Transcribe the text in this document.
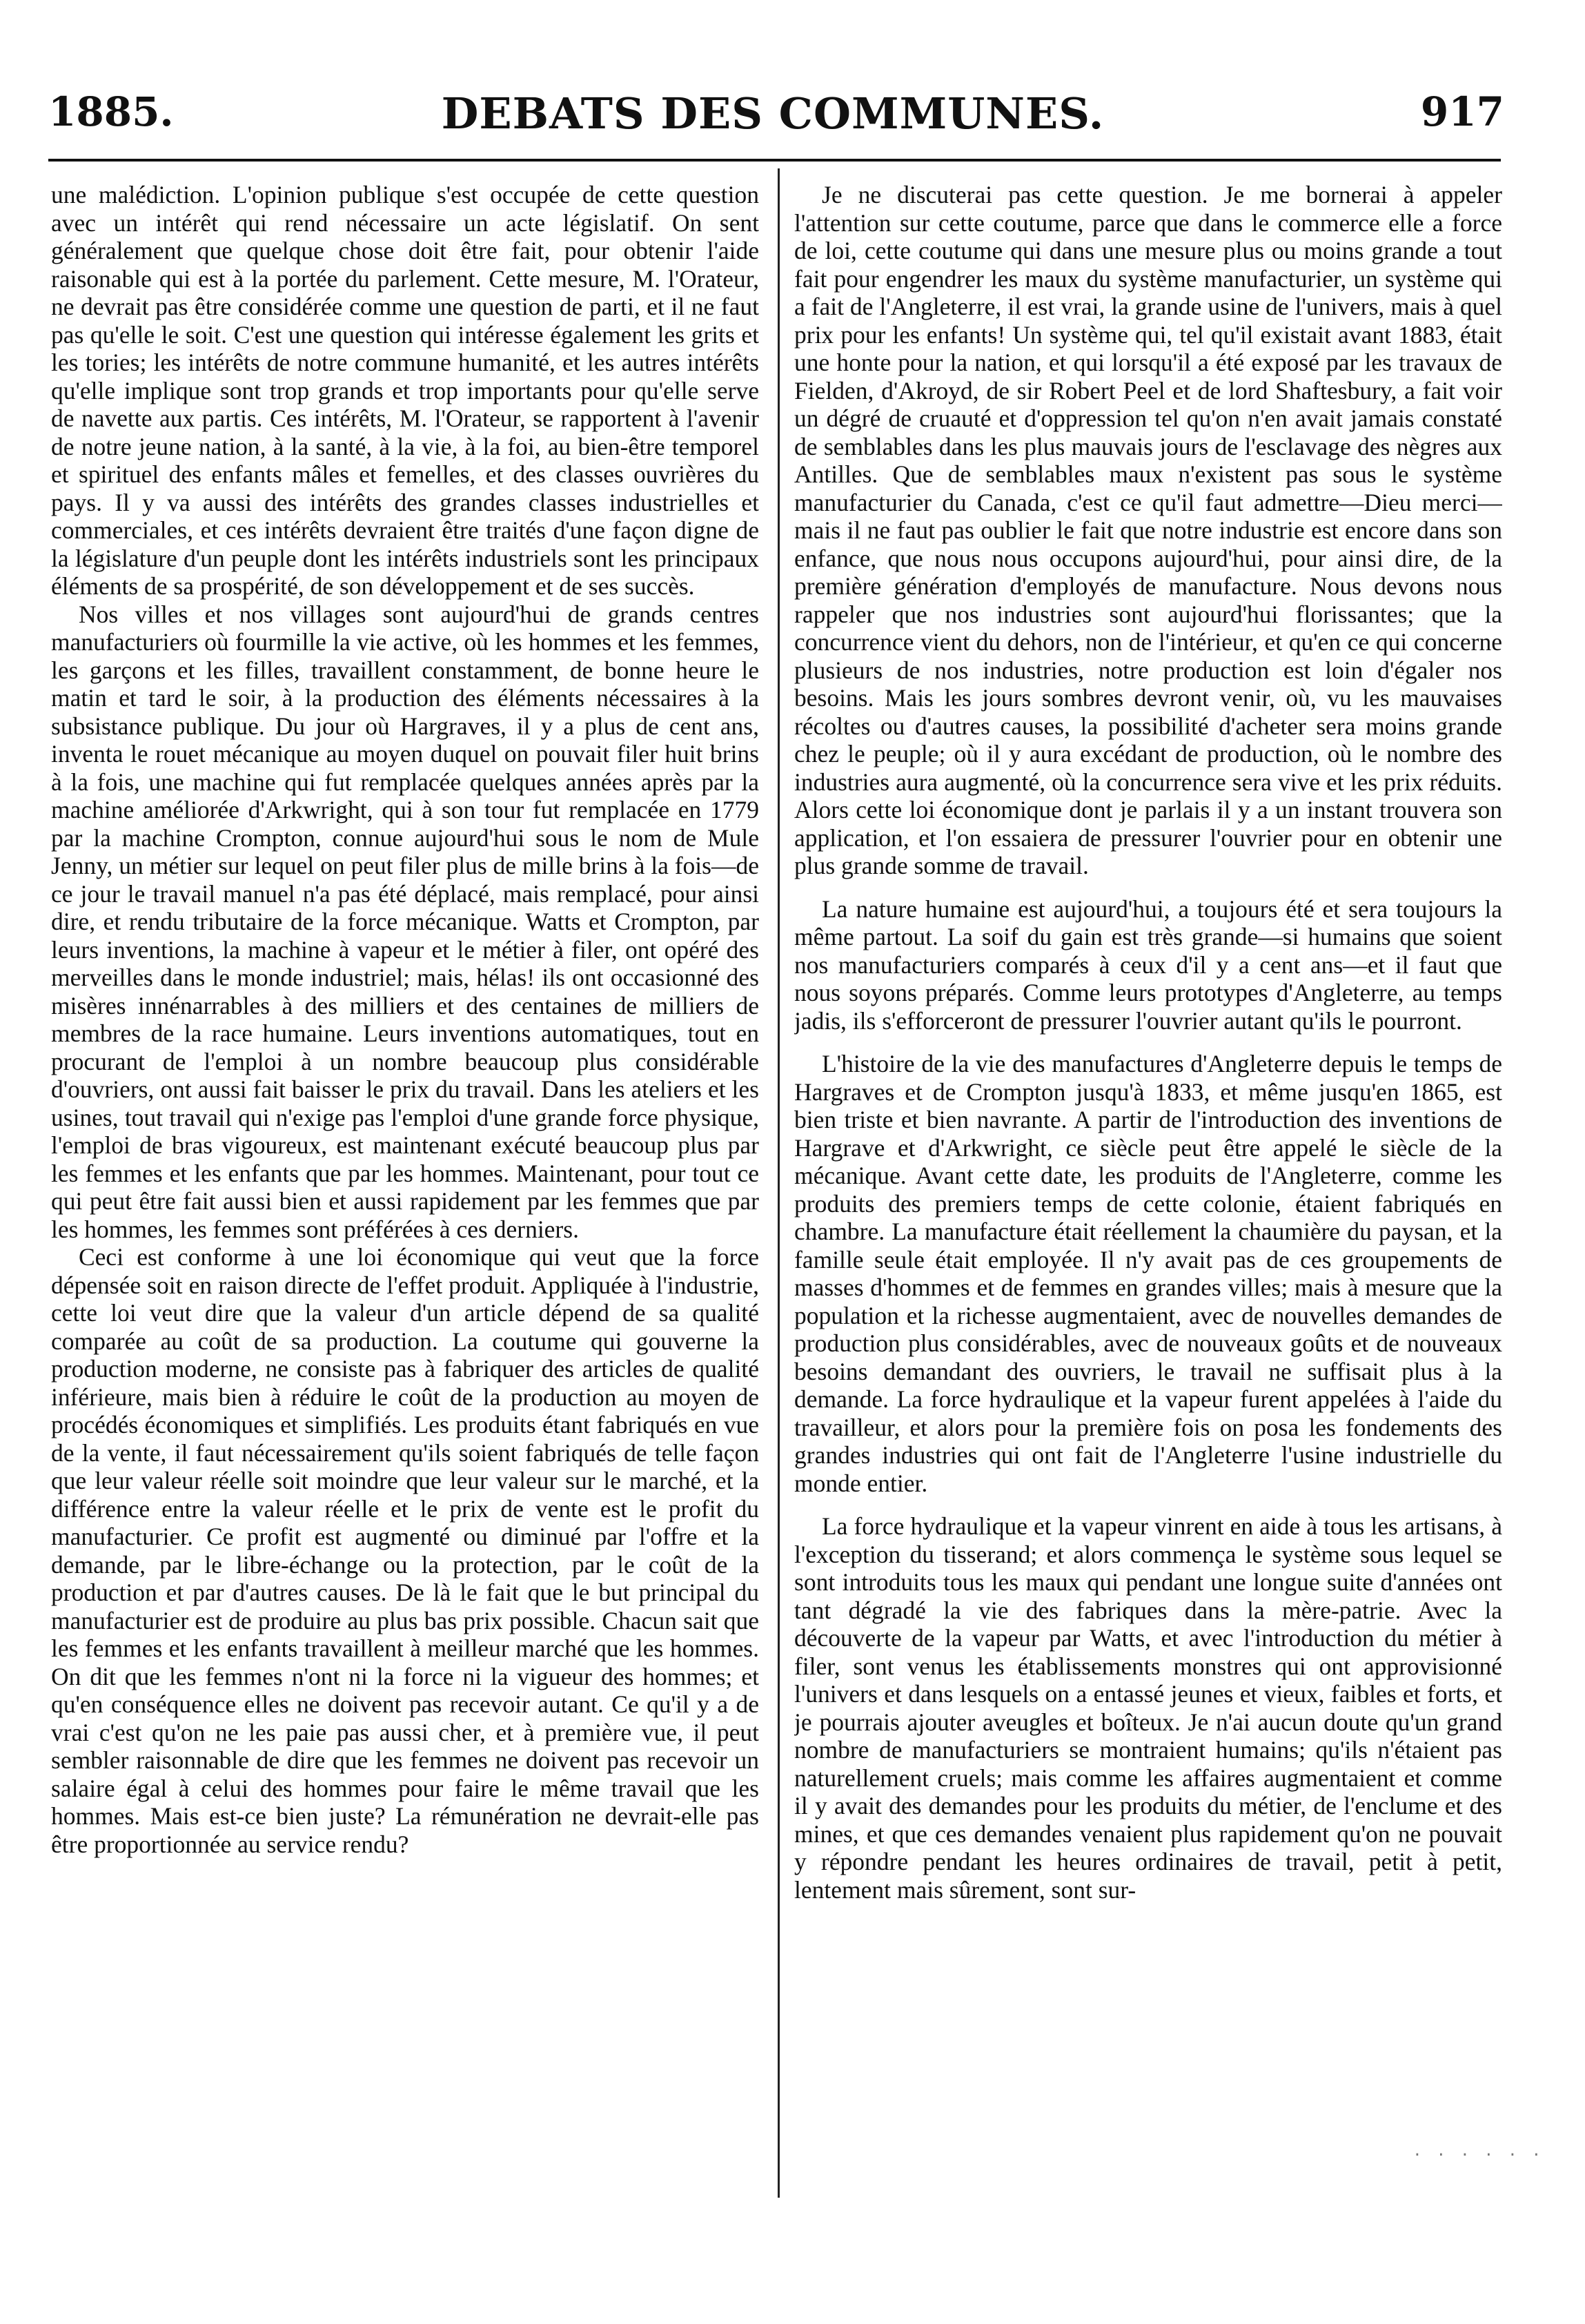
1885.	DEBATS DES COMMUNES.	917

une malédiction. L'opinion publique s'est occupée de cette question avec un intérêt qui rend nécessaire un acte législatif. On sent généralement que quelque chose doit être fait, pour obtenir l'aide raisonable qui est à la portée du parlement. Cette mesure, M. l'Orateur, ne devrait pas être considérée comme une question de parti, et il ne faut pas qu'elle le soit. C'est une question qui intéresse également les grits et les tories; les intérêts de notre commune humanité, et les autres intérêts qu'elle implique sont trop grands et trop importants pour qu'elle serve de navette aux partis. Ces intérêts, M. l'Orateur, se rapportent à l'avenir de notre jeune nation, à la santé, à la vie, à la foi, au bien-être temporel et spirituel des enfants mâles et femelles, et des classes ouvrières du pays. Il y va aussi des intérêts des grandes classes industrielles et commerciales, et ces intérêts devraient être traités d'une façon digne de la législature d'un peuple dont les intérêts industriels sont les principaux éléments de sa prospérité, de son développement et de ses succès.

Nos villes et nos villages sont aujourd'hui de grands centres manufacturiers où fourmille la vie active, où les hommes et les femmes, les garçons et les filles, travaillent constamment, de bonne heure le matin et tard le soir, à la production des éléments nécessaires à la subsistance publique. Du jour où Hargraves, il y a plus de cent ans, inventa le rouet mécanique au moyen duquel on pouvait filer huit brins à la fois, une machine qui fut remplacée quelques années après par la machine améliorée d'Arkwright, qui à son tour fut remplacée en 1779 par la machine Crompton, connue aujourd'hui sous le nom de Mule Jenny, un métier sur lequel on peut filer plus de mille brins à la fois—de ce jour le travail manuel n'a pas été déplacé, mais remplacé, pour ainsi dire, et rendu tributaire de la force mécanique. Watts et Crompton, par leurs inventions, la machine à vapeur et le métier à filer, ont opéré des merveilles dans le monde industriel; mais, hélas! ils ont occasionné des misères innénarrables à des milliers et des centaines de milliers de membres de la race humaine. Leurs inventions automatiques, tout en procurant de l'emploi à un nombre beaucoup plus considérable d'ouvriers, ont aussi fait baisser le prix du travail. Dans les ateliers et les usines, tout travail qui n'exige pas l'emploi d'une grande force physique, l'emploi de bras vigoureux, est maintenant exécuté beaucoup plus par les femmes et les enfants que par les hommes. Maintenant, pour tout ce qui peut être fait aussi bien et aussi rapidement par les femmes que par les hommes, les femmes sont préférées à ces derniers.

Ceci est conforme à une loi économique qui veut que la force dépensée soit en raison directe de l'effet produit. Appliquée à l'industrie, cette loi veut dire que la valeur d'un article dépend de sa qualité comparée au coût de sa production. La coutume qui gouverne la production moderne, ne consiste pas à fabriquer des articles de qualité inférieure, mais bien à réduire le coût de la production au moyen de procédés économiques et simplifiés. Les produits étant fabriqués en vue de la vente, il faut nécessairement qu'ils soient fabriqués de telle façon que leur valeur réelle soit moindre que leur valeur sur le marché, et la différence entre la valeur réelle et le prix de vente est le profit du manufacturier. Ce profit est augmenté ou diminué par l'offre et la demande, par le libre-échange ou la protection, par le coût de la production et par d'autres causes. De là le fait que le but principal du manufacturier est de produire au plus bas prix possible. Chacun sait que les femmes et les enfants travaillent à meilleur marché que les hommes. On dit que les femmes n'ont ni la force ni la vigueur des hommes; et qu'en conséquence elles ne doivent pas recevoir autant. Ce qu'il y a de vrai c'est qu'on ne les paie pas aussi cher, et à première vue, il peut sembler raisonnable de dire que les femmes ne doivent pas recevoir un salaire égal à celui des hommes pour faire le même travail que les hommes. Mais est-ce bien juste? La rémunération ne devrait-elle pas être proportionnée au service rendu?

Je ne discuterai pas cette question. Je me bornerai à appeler l'attention sur cette coutume, parce que dans le commerce elle a force de loi, cette coutume qui dans une mesure plus ou moins grande a tout fait pour engendrer les maux du système manufacturier, un système qui a fait de l'Angleterre, il est vrai, la grande usine de l'univers, mais à quel prix pour les enfants! Un système qui, tel qu'il existait avant 1883, était une honte pour la nation, et qui lorsqu'il a été exposé par les travaux de Fielden, d'Akroyd, de sir Robert Peel et de lord Shaftesbury, a fait voir un dégré de cruauté et d'oppression tel qu'on n'en avait jamais constaté de semblables dans les plus mauvais jours de l'esclavage des nègres aux Antilles. Que de semblables maux n'existent pas sous le système manufacturier du Canada, c'est ce qu'il faut admettre—Dieu merci—mais il ne faut pas oublier le fait que notre industrie est encore dans son enfance, que nous nous occupons aujourd'hui, pour ainsi dire, de la première génération d'employés de manufacture. Nous devons nous rappeler que nos industries sont aujourd'hui florissantes; que la concurrence vient du dehors, non de l'intérieur, et qu'en ce qui concerne plusieurs de nos industries, notre production est loin d'égaler nos besoins. Mais les jours sombres devront venir, où, vu les mauvaises récoltes ou d'autres causes, la possibilité d'acheter sera moins grande chez le peuple; où il y aura excédant de production, où le nombre des industries aura augmenté, où la concurrence sera vive et les prix réduits. Alors cette loi économique dont je parlais il y a un instant trouvera son application, et l'on essaiera de pressurer l'ouvrier pour en obtenir une plus grande somme de travail.

La nature humaine est aujourd'hui, a toujours été et sera toujours la même partout. La soif du gain est très grande—si humains que soient nos manufacturiers comparés à ceux d'il y a cent ans—et il faut que nous soyons préparés. Comme leurs prototypes d'Angleterre, au temps jadis, ils s'efforceront de pressurer l'ouvrier autant qu'ils le pourront.

L'histoire de la vie des manufactures d'Angleterre depuis le temps de Hargraves et de Crompton jusqu'à 1833, et même jusqu'en 1865, est bien triste et bien navrante. A partir de l'introduction des inventions de Hargrave et d'Arkwright, ce siècle peut être appelé le siècle de la mécanique. Avant cette date, les produits de l'Angleterre, comme les produits des premiers temps de cette colonie, étaient fabriqués en chambre. La manufacture était réellement la chaumière du paysan, et la famille seule était employée. Il n'y avait pas de ces groupements de masses d'hommes et de femmes en grandes villes; mais à mesure que la population et la richesse augmentaient, avec de nouvelles demandes de production plus considérables, avec de nouveaux goûts et de nouveaux besoins demandant des ouvriers, le travail ne suffisait plus à la demande. La force hydraulique et la vapeur furent appelées à l'aide du travailleur, et alors pour la première fois on posa les fondements des grandes industries qui ont fait de l'Angleterre l'usine industrielle du monde entier.

La force hydraulique et la vapeur vinrent en aide à tous les artisans, à l'exception du tisserand; et alors commença le système sous lequel se sont introduits tous les maux qui pendant une longue suite d'années ont tant dégradé la vie des fabriques dans la mère-patrie. Avec la découverte de la vapeur par Watts, et avec l'introduction du métier à filer, sont venus les établissements monstres qui ont approvisionné l'univers et dans lesquels on a entassé jeunes et vieux, faibles et forts, et je pourrais ajouter aveugles et boîteux. Je n'ai aucun doute qu'un grand nombre de manufacturiers se montraient humains; qu'ils n'étaient pas naturellement cruels; mais comme les affaires augmentaient et comme il y avait des demandes pour les produits du métier, de l'enclume et des mines, et que ces demandes venaient plus rapidement qu'on ne pouvait y répondre pendant les heures ordinaires de travail, petit à petit, lentement mais sûrement, sont sur-

· · · · · ·
